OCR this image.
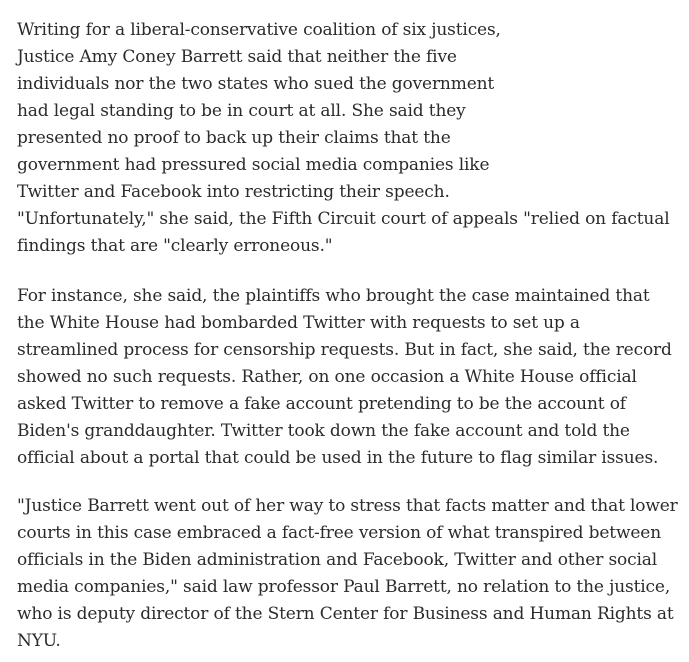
Writing for a liberal-conservative coalition of six justices,
Justice Amy Coney Barrett said that neither the five
individuals nor the two states who sued the government
had legal standing to be in court at all. She said they
presented no proof to back up their claims that the
government had pressured social media companies like
Twitter and Facebook into restricting their speech.
"Unfortunately," she said, the Fifth Circuit court of appeals "relied on factual
findings that are "clearly erroneous."

For instance, she said, the plaintiffs who brought the case maintained that
the White House had bombarded Twitter with requests to set up a
streamlined process for censorship requests. But in fact, she said, the record
showed no such requests. Rather, on one occasion a White House official
asked Twitter to remove a fake account pretending to be the account of
Biden's granddaughter. Twitter took down the fake account and told the
official about a portal that could be used in the future to flag similar issues.

"Justice Barrett went out of her way to stress that facts matter and that lower
courts in this case embraced a fact-free version of what transpired between
officials in the Biden administration and Facebook, Twitter and other social
media companies," said law professor Paul Barrett, no relation to the justice,
who is deputy director of the Stern Center for Business and Human Rights at
NYU.
